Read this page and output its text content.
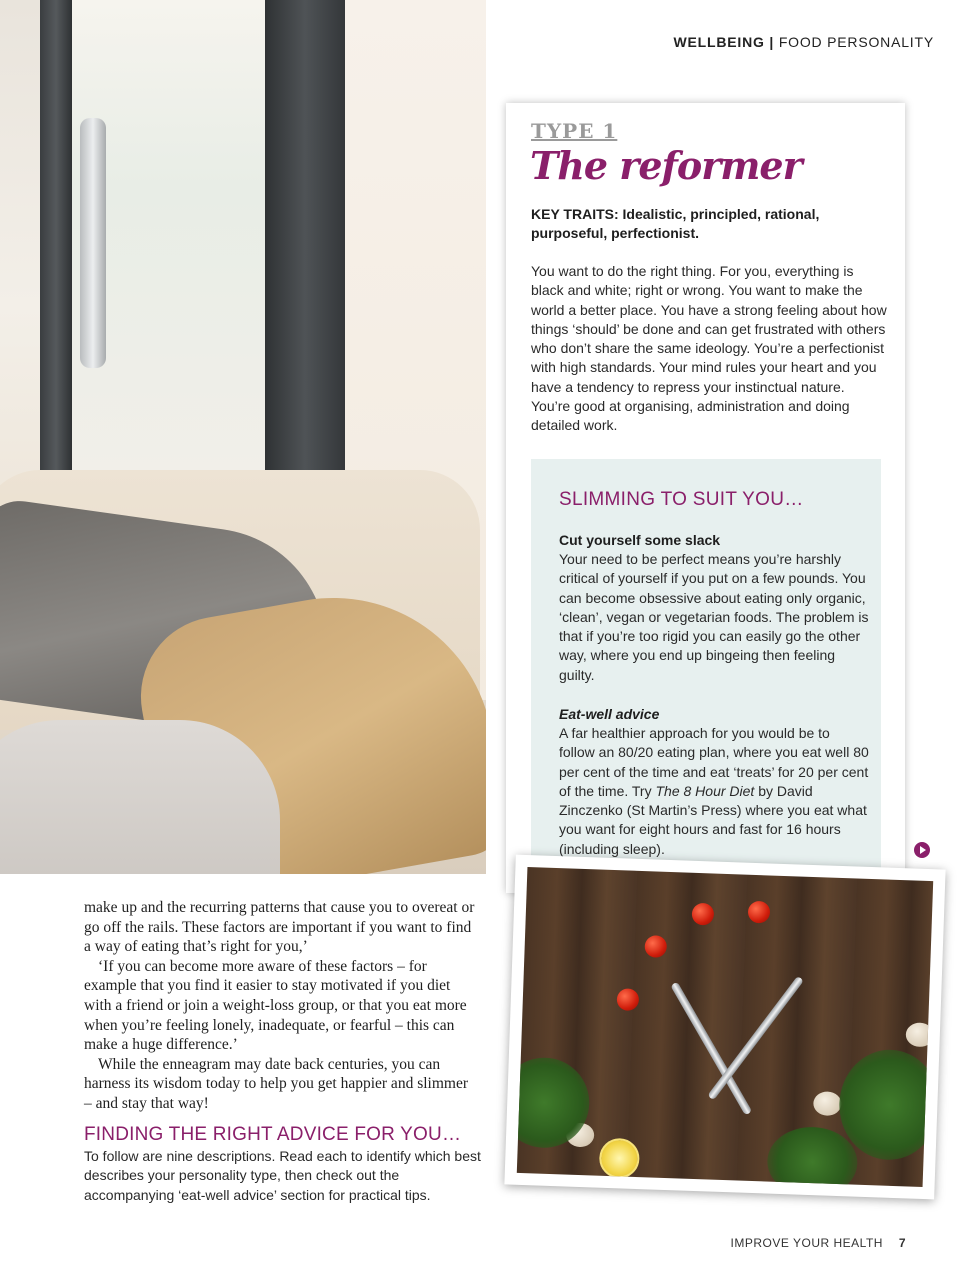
WELLBEING | FOOD PERSONALITY
TYPE 1
The reformer
KEY TRAITS: Idealistic, principled, rational, purposeful, perfectionist.
You want to do the right thing. For you, everything is black and white; right or wrong. You want to make the world a better place. You have a strong feeling about how things ‘should’ be done and can get frustrated with others who don’t share the same ideology. You’re a perfectionist with high standards. Your mind rules your heart and you have a tendency to repress your instinctual nature. You’re good at organising, administration and doing detailed work.
SLIMMING TO SUIT YOU…
Cut yourself some slack
Your need to be perfect means you’re harshly critical of yourself if you put on a few pounds. You can become obsessive about eating only organic, ‘clean’, vegan or vegetarian foods. The problem is that if you’re too rigid you can easily go the other way, where you end up bingeing then feeling guilty.
Eat-well advice
A far healthier approach for you would be to follow an 80/20 eating plan, where you eat well 80 per cent of the time and eat ‘treats’ for 20 per cent of the time. Try The 8 Hour Diet by David Zinczenko (St Martin’s Press) where you eat what you want for eight hours and fast for 16 hours (including sleep).

make up and the recurring patterns that cause you to overeat or go off the rails. These factors are important if you want to find a way of eating that’s right for you,’

‘If you can become more aware of these factors – for example that you find it easier to stay motivated if you diet with a friend or join a weight-loss group, or that you eat more when you’re feeling lonely, inadequate, or fearful – this can make a huge difference.’

While the enneagram may date back centuries, you can harness its wisdom today to help you get happier and slimmer – and stay that way!

FINDING THE RIGHT ADVICE FOR YOU…
To follow are nine descriptions. Read each to identify which best describes your personality type, then check out the accompanying ‘eat-well advice’ section for practical tips.
IMPROVE YOUR HEALTH 7
